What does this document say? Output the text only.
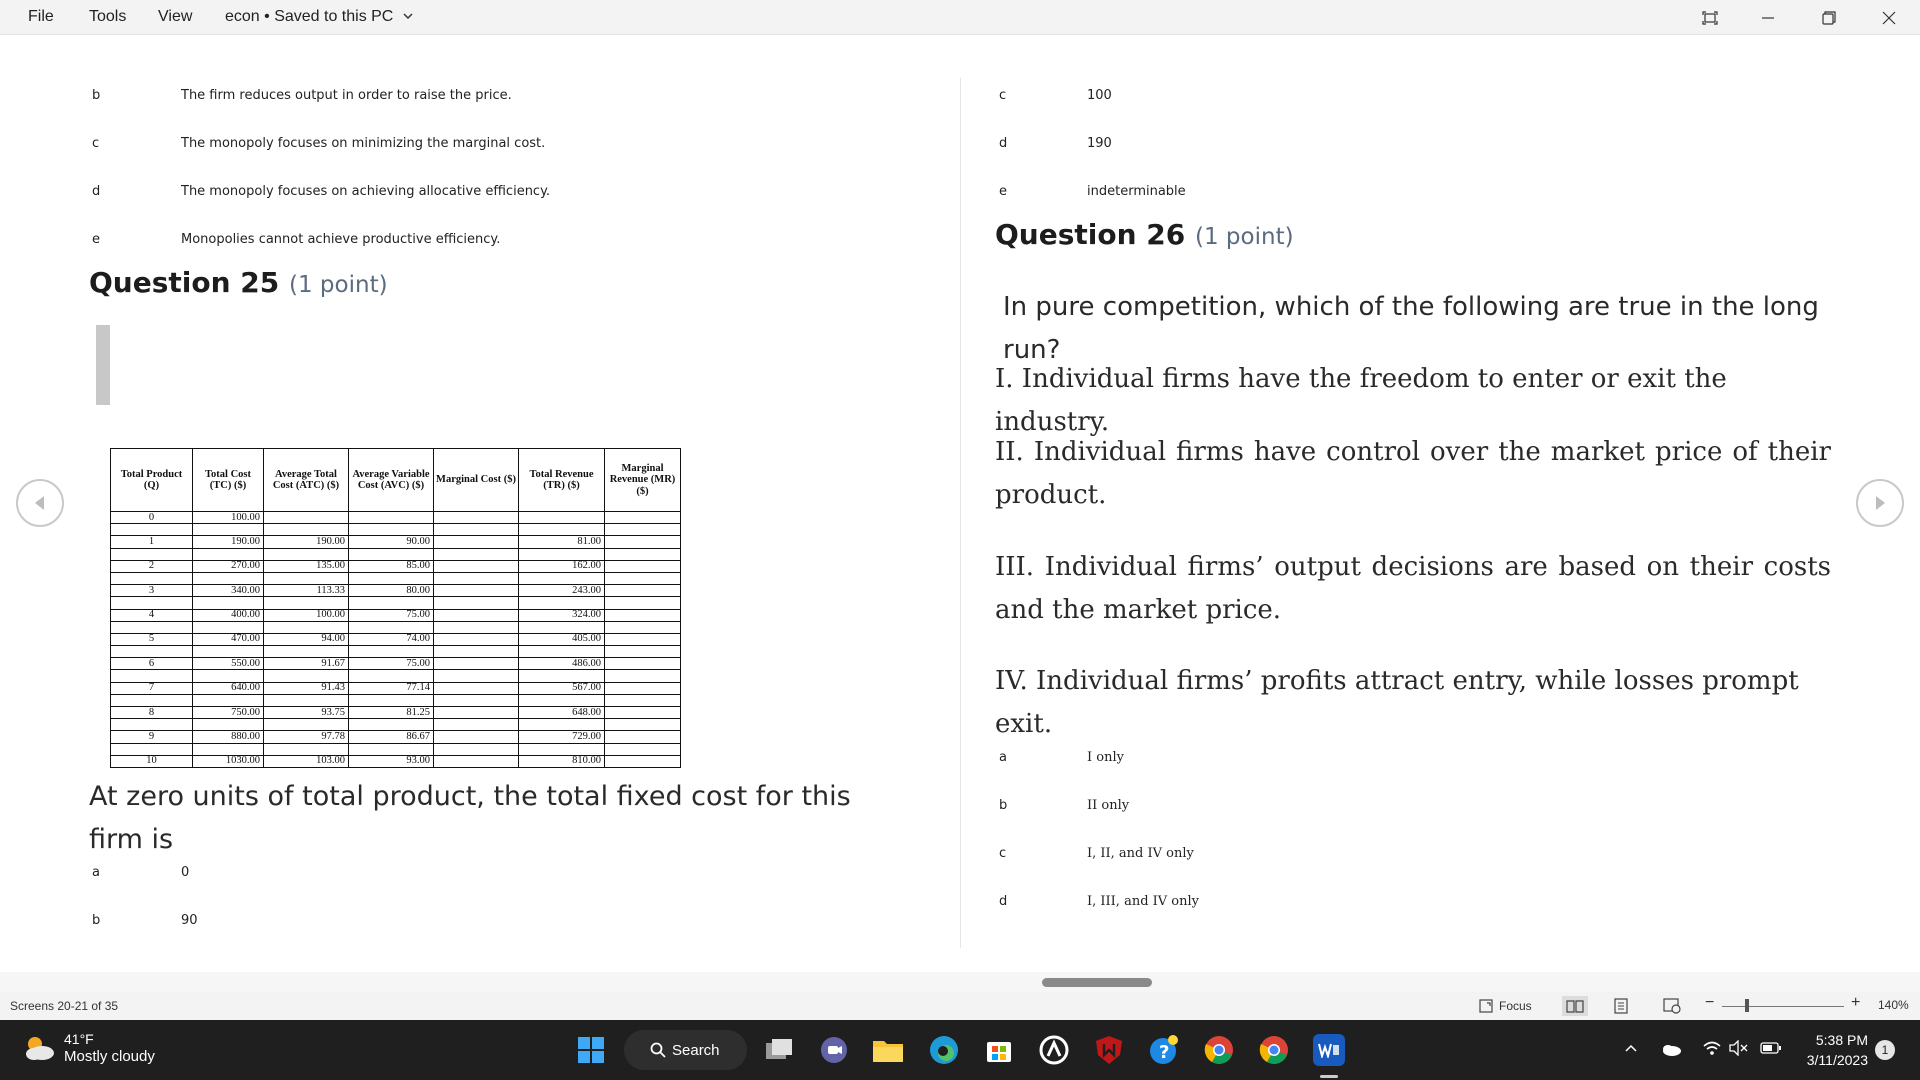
File Tools View econ • Saved to this PC
b	The firm reduces output in order to raise the price.
c	The monopoly focuses on minimizing the marginal cost.
d	The monopoly focuses on achieving allocative efficiency.
e	Monopolies cannot achieve productive efficiency.
Question 25 (1 point)
Total Product (Q)	Total Cost (TC) ($)	Average Total Cost (ATC) ($)	Average Variable Cost (AVC) ($)	Marginal Cost ($)	Total Revenue (TR) ($)	Marginal Revenue (MR) ($)
0	100.00					

1	190.00	190.00	90.00		81.00	

2	270.00	135.00	85.00		162.00	

3	340.00	113.33	80.00		243.00	

4	400.00	100.00	75.00		324.00	

5	470.00	94.00	74.00		405.00	

6	550.00	91.67	75.00		486.00	

7	640.00	91.43	77.14		567.00	

8	750.00	93.75	81.25		648.00	

9	880.00	97.78	86.67		729.00	

10	1030.00	103.00	93.00		810.00	
At zero units of total product, the total fixed cost for this firm is
a	0
b	90
c	100
d	190
e	indeterminable
Question 26 (1 point)
In pure competition, which of the following are true in the long run?
I. Individual firms have the freedom to enter or exit the industry.
II. Individual firms have control over the market price of their product.
III. Individual firms’ output decisions are based on their costs and the market price.
IV. Individual firms’ profits attract entry, while losses prompt exit.
a	I only
b	II only
c	I, II, and IV only
d	I, III, and IV only
Screens 20-21 of 35	Focus	−	+ 140%
41°F
Mostly cloudy	Search	?
5:38 PM
3/11/2023
1
